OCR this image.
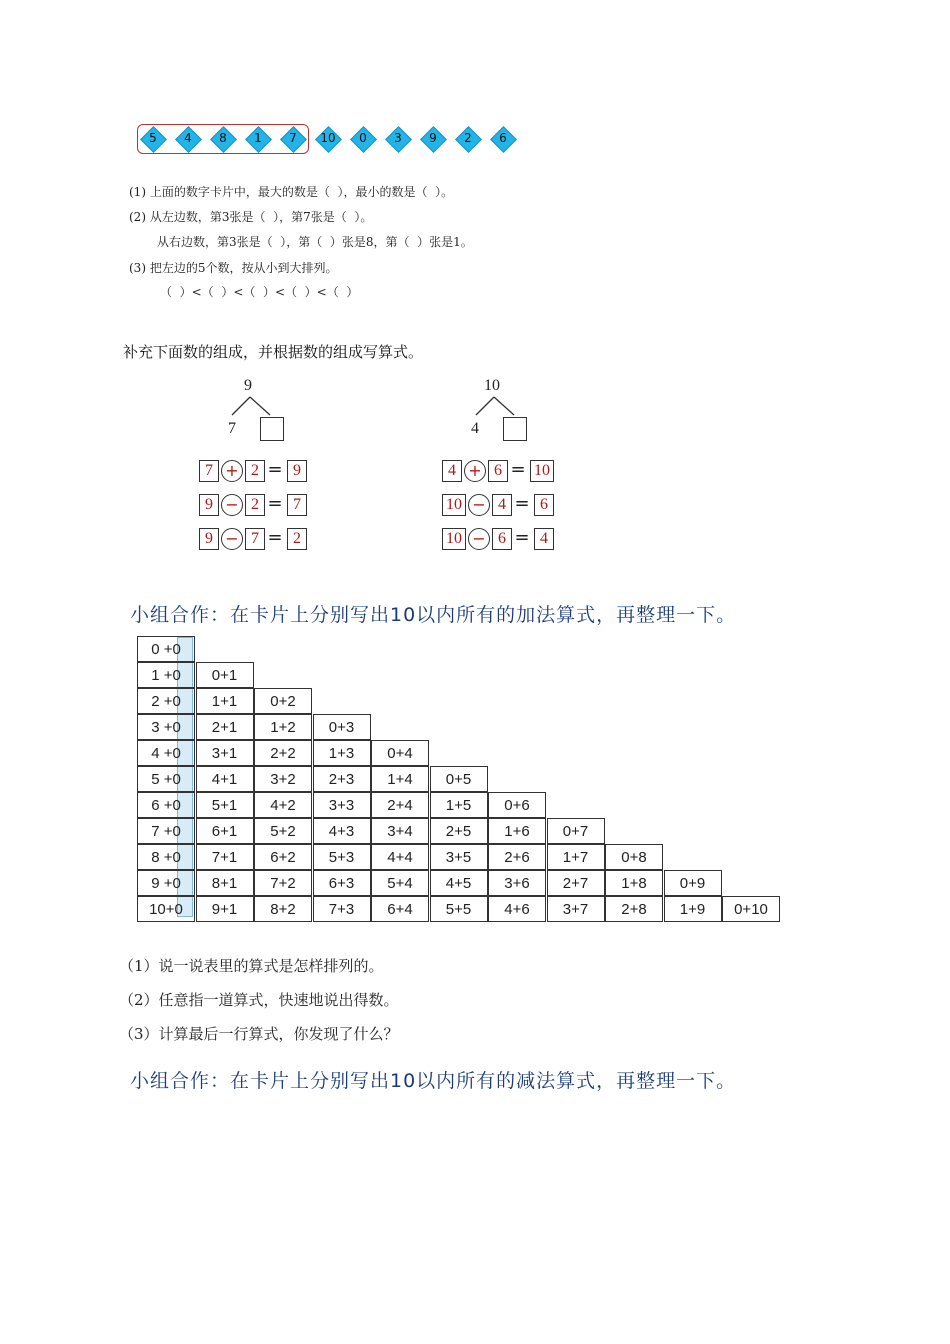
5	4	8	1	7	10	0	3	9	2	6
(1) 上面的数字卡片中，最大的数是（  ），最小的数是（  ）。
(2) 从左边数，第3张是（  ），第7张是（  ）。
从右边数，第3张是（  ），第（  ）张是8，第（  ）张是1。
(3) 把左边的5个数，按从小到大排列。
（  ）<（  ）<（  ）<（  ）<（  ）
补充下面数的组成，并根据数的组成写算式。
9
7
7 + 2 = 9
9 − 2 = 7
9 − 7 = 2
10
4
4 + 6 = 10
10 − 4 = 6
10 − 6 = 4
小组合作：在卡片上分别写出10以内所有的加法算式，再整理一下。
0 +0
1 +0	0+1
2 +0	1+1	0+2
3 +0	2+1	1+2	0+3
4 +0	3+1	2+2	1+3	0+4
5 +0	4+1	3+2	2+3	1+4	0+5
6 +0	5+1	4+2	3+3	2+4	1+5	0+6
7 +0	6+1	5+2	4+3	3+4	2+5	1+6	0+7
8 +0	7+1	6+2	5+3	4+4	3+5	2+6	1+7	0+8
9 +0	8+1	7+2	6+3	5+4	4+5	3+6	2+7	1+8	0+9
10+0	9+1	8+2	7+3	6+4	5+5	4+6	3+7	2+8	1+9	0+10
（1）说一说表里的算式是怎样排列的。
（2）任意指一道算式，快速地说出得数。
（3）计算最后一行算式，你发现了什么？
小组合作：在卡片上分别写出10以内所有的减法算式，再整理一下。
